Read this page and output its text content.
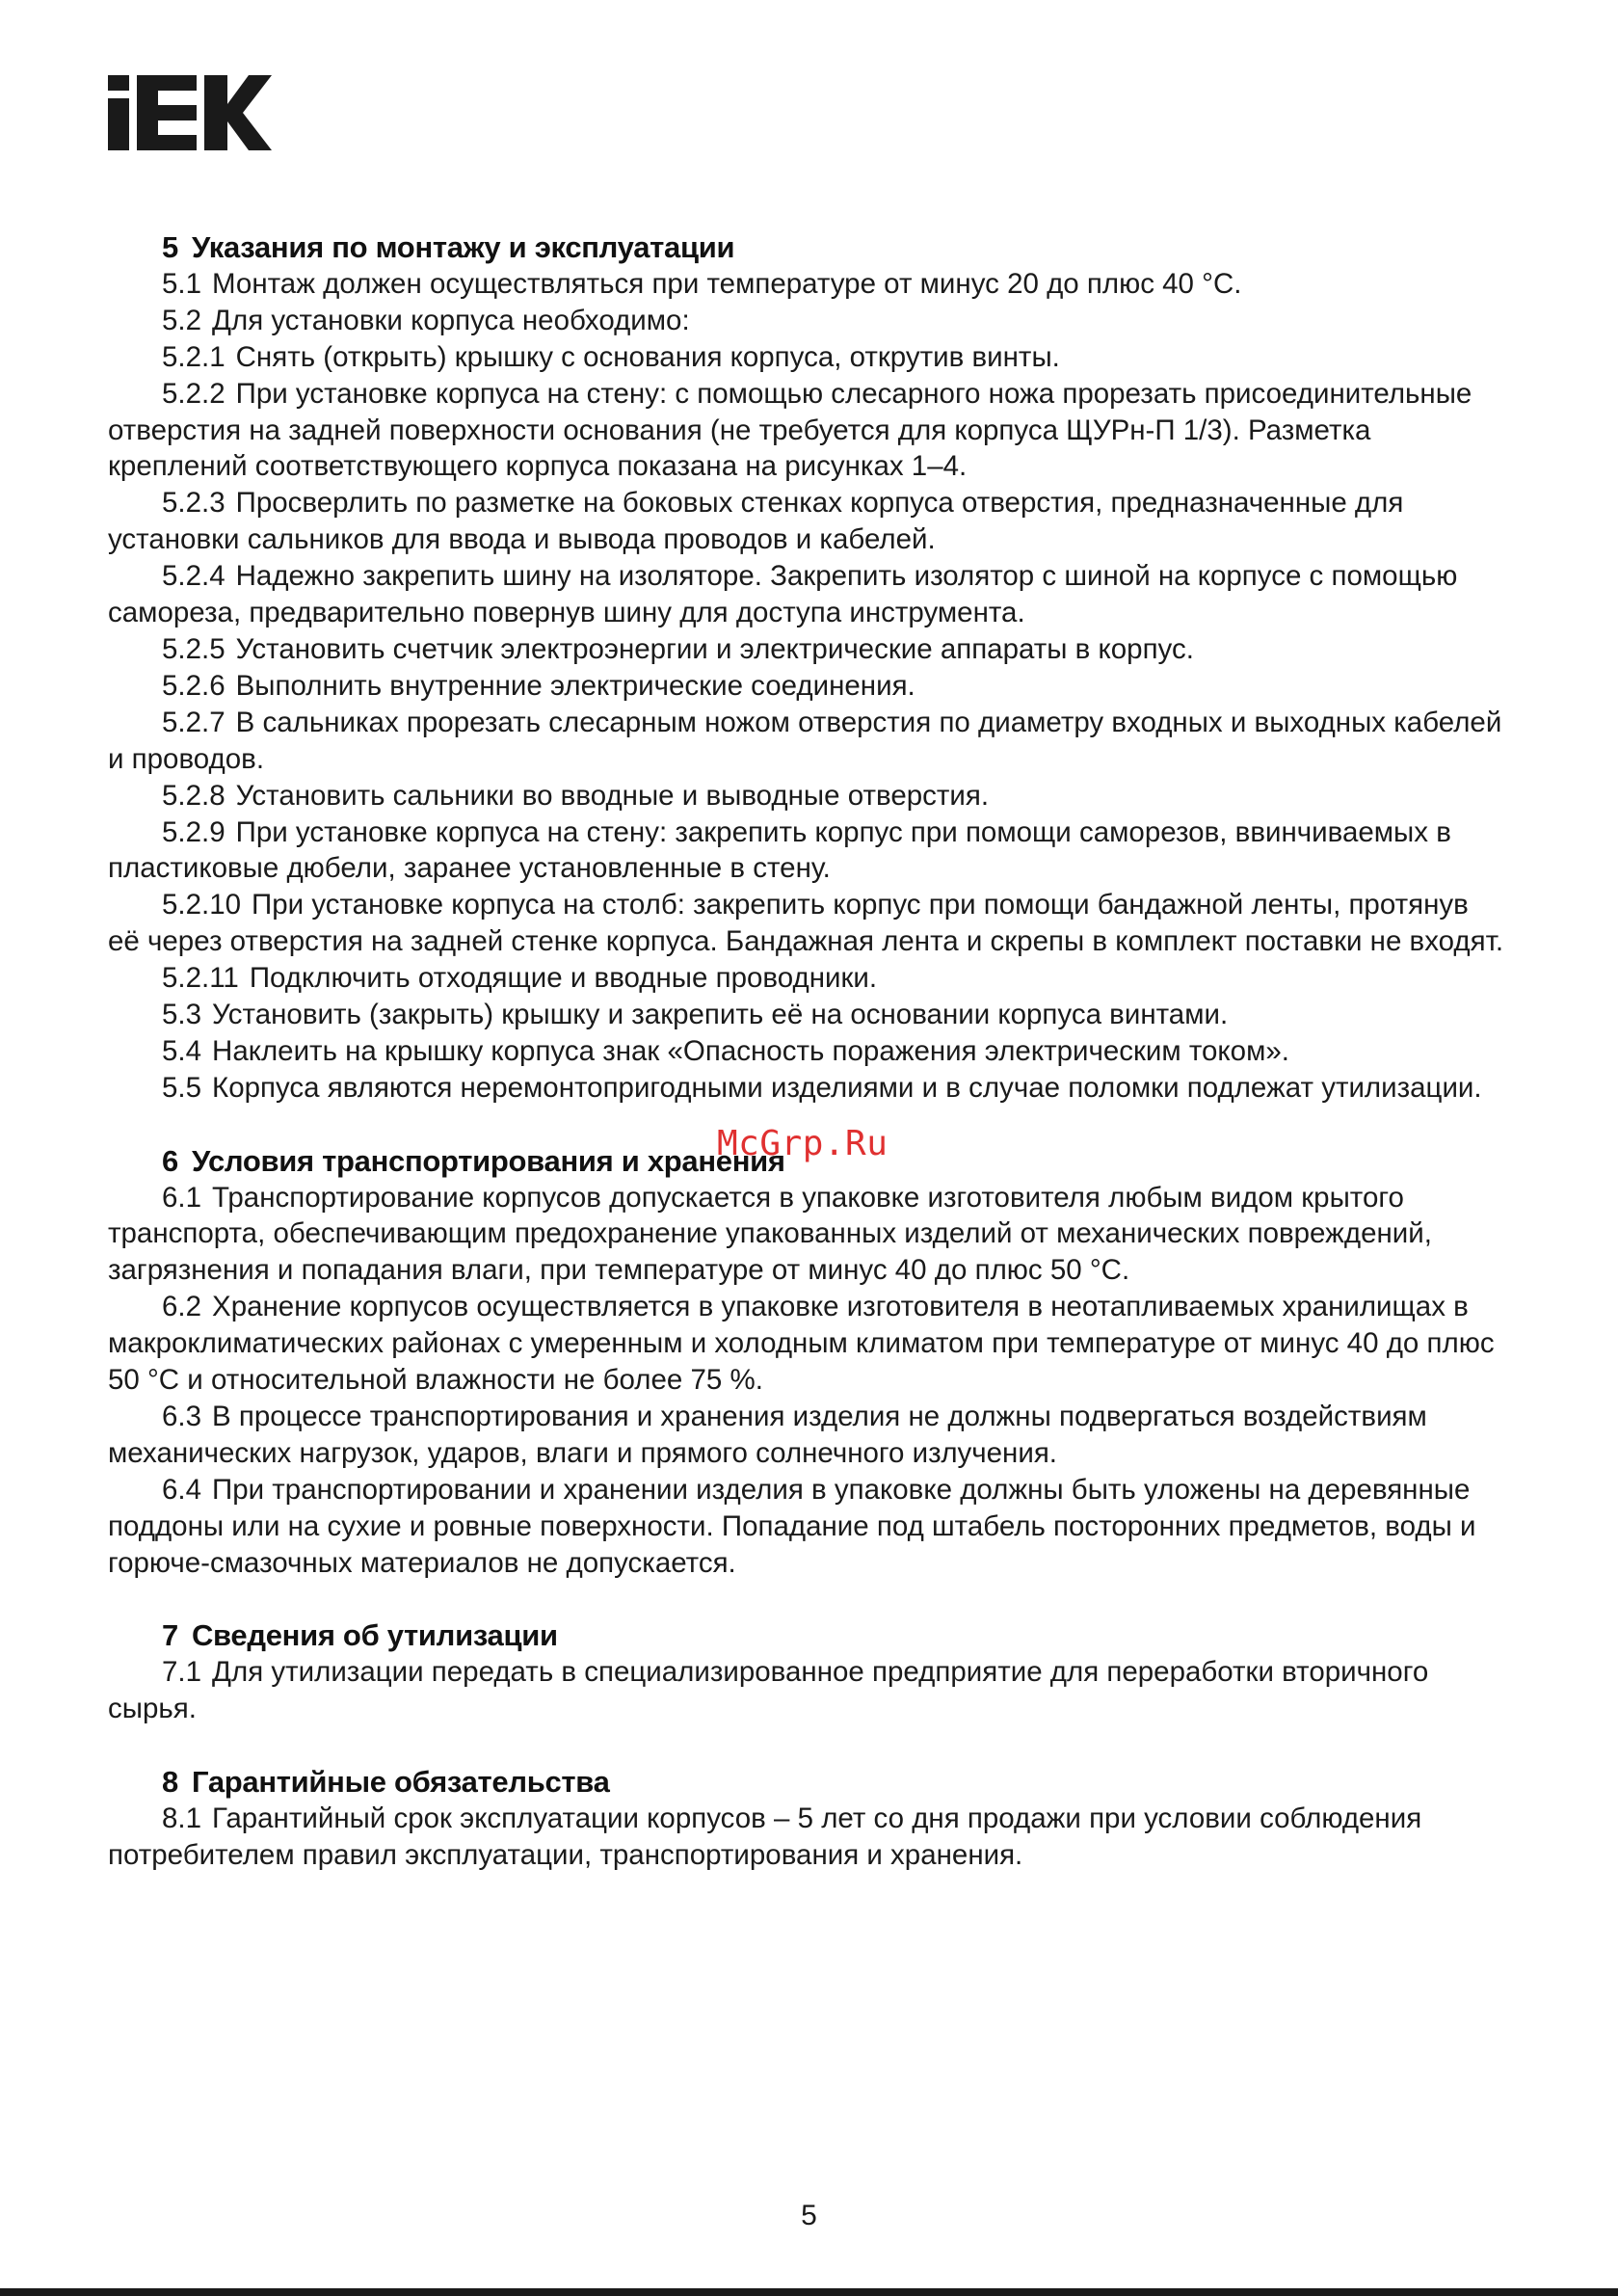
5 Указания по монтажу и эксплуатации

5.1 Монтаж должен осуществляться при температуре от минус 20 до плюс 40 °С.

5.2 Для установки корпуса необходимо:

5.2.1 Снять (открыть) крышку с основания корпуса, открутив винты.

5.2.2 При установке корпуса на стену: с помощью слесарного ножа прорезать присоединительные отверстия на задней поверхности основания (не требуется для корпуса ЩУРн-П 1/3). Разметка креплений соответствующего корпуса показана на рисунках 1–4.

5.2.3 Просверлить по разметке на боковых стенках корпуса отверстия, предназначенные для установки сальников для ввода и вывода проводов и кабелей.

5.2.4 Надежно закрепить шину на изоляторе. Закрепить изолятор с шиной на корпусе с помощью самореза, предварительно повернув шину для доступа инструмента.

5.2.5 Установить счетчик электроэнергии и электрические аппараты в корпус.

5.2.6 Выполнить внутренние электрические соединения.

5.2.7 В сальниках прорезать слесарным ножом отверстия по диаметру входных и выходных кабелей и проводов.

5.2.8 Установить сальники во вводные и выводные отверстия.

5.2.9 При установке корпуса на стену: закрепить корпус при помощи саморезов, ввинчиваемых в пластиковые дюбели, заранее установленные в стену.

5.2.10 При установке корпуса на столб: закрепить корпус при помощи бандажной ленты, протянув её через отверстия на задней стенке корпуса. Бандажная лента и скрепы в комплект поставки не входят.

5.2.11 Подключить отходящие и вводные проводники.

5.3 Установить (закрыть) крышку и закрепить её на основании корпуса винтами.

5.4 Наклеить на крышку корпуса знак «Опасность поражения электрическим током».

5.5 Корпуса являются неремонтопригодными изделиями и в случае поломки подлежат утилизации.

6 Условия транспортирования и хранения

6.1 Транспортирование корпусов допускается в упаковке изготовителя любым видом крытого транспорта, обеспечивающим предохранение упакованных изделий от механических повреждений, загрязнения и попадания влаги, при температуре от минус 40 до плюс 50 °С.

6.2 Хранение корпусов осуществляется в упаковке изготовителя в неотапливаемых хранилищах в макроклиматических районах с умеренным и холодным климатом при температуре от минус 40 до плюс 50 °С и относительной влажности не более 75 %.

6.3 В процессе транспортирования и хранения изделия не должны подвергаться воздействиям механических нагрузок, ударов, влаги и прямого солнечного излучения.

6.4 При транспортировании и хранении изделия в упаковке должны быть уложены на деревянные поддоны или на сухие и ровные поверхности. Попадание под штабель посторонних предметов, воды и горюче-смазочных материалов не допускается.

7 Сведения об утилизации

7.1 Для утилизации передать в специализированное предприятие для переработки вторичного сырья.

8 Гарантийные обязательства

8.1 Гарантийный срок эксплуатации корпусов – 5 лет со дня продажи при условии соблюдения потребителем правил эксплуатации, транспортирования и хранения.

McGrp.Ru
5
